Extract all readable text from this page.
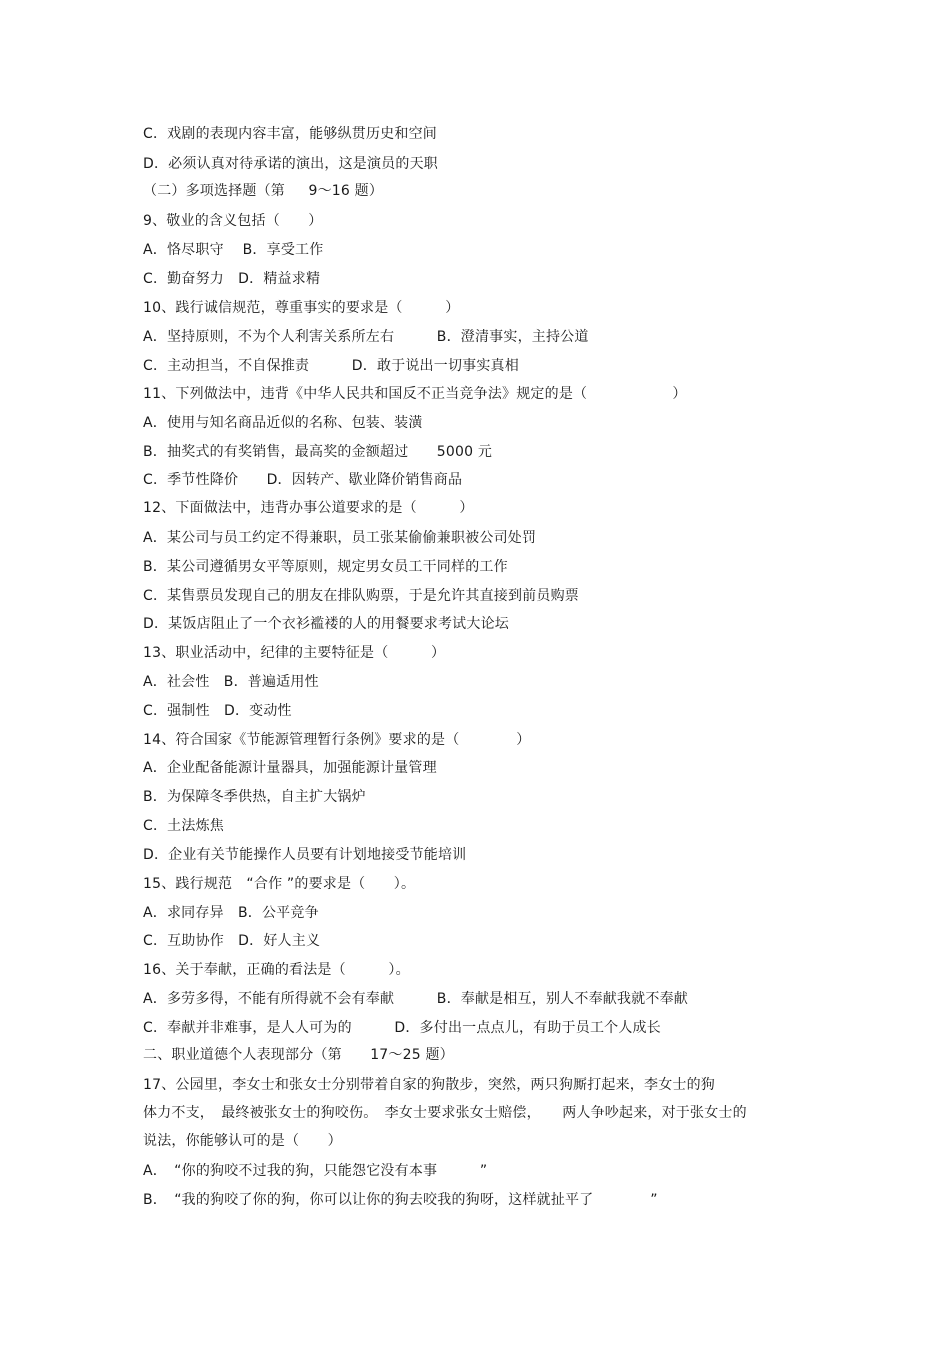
C．戏剧的表现内容丰富，能够纵贯历史和空间
D．必须认真对待承诺的演出，这是演员的天职
（二）多项选择题（第　  9～16 题）
9、敬业的含义包括（　　）
A．恪尽职守　 B．享受工作
C．勤奋努力　D．精益求精
10、践行诚信规范，尊重事实的要求是（　　　）
A．坚持原则，不为个人利害关系所左右　　　B．澄清事实，主持公道
C．主动担当，不自保推责　　　D．敢于说出一切事实真相
11、下列做法中，违背《中华人民共和国反不正当竞争法》规定的是（　　　　　　）
A．使用与知名商品近似的名称、包装、装潢
B．抽奖式的有奖销售，最高奖的金额超过　　5000 元
C．季节性降价　　D．因转产、歇业降价销售商品
12、下面做法中，违背办事公道要求的是（　　　）
A．某公司与员工约定不得兼职，员工张某偷偷兼职被公司处罚
B．某公司遵循男女平等原则，规定男女员工干同样的工作
C．某售票员发现自己的朋友在排队购票，于是允许其直接到前员购票
D．某饭店阻止了一个衣衫褴褛的人的用餐要求考试大论坛
13、职业活动中，纪律的主要特征是（　　　）
A．社会性　B．普遍适用性
C．强制性　D．变动性
14、符合国家《节能源管理暂行条例》要求的是（　　　　）
A．企业配备能源计量器具，加强能源计量管理
B．为保障冬季供热，自主扩大锅炉
C．土法炼焦
D．企业有关节能操作人员要有计划地接受节能培训
15、践行规范　“合作 ”的要求是（　　）。
A．求同存异　B．公平竞争
C．互助协作　D．好人主义
16、关于奉献，正确的看法是（　　　）。
A．多劳多得，不能有所得就不会有奉献　　　B．奉献是相互，别人不奉献我就不奉献
C．奉献并非难事，是人人可为的　　　D．多付出一点点儿，有助于员工个人成长
二、职业道德个人表现部分（第　　17～25 题）
17、公园里，李女士和张女士分别带着自家的狗散步，突然，两只狗厮打起来，李女士的狗
体力不支，　最终被张女士的狗咬伤。　李女士要求张女士赔偿，　　两人争吵起来，对于张女士的
说法，你能够认可的是（　　）
A．　“你的狗咬不过我的狗，只能怨它没有本事　　　”
B．　“我的狗咬了你的狗，你可以让你的狗去咬我的狗呀，这样就扯平了　　　　”
